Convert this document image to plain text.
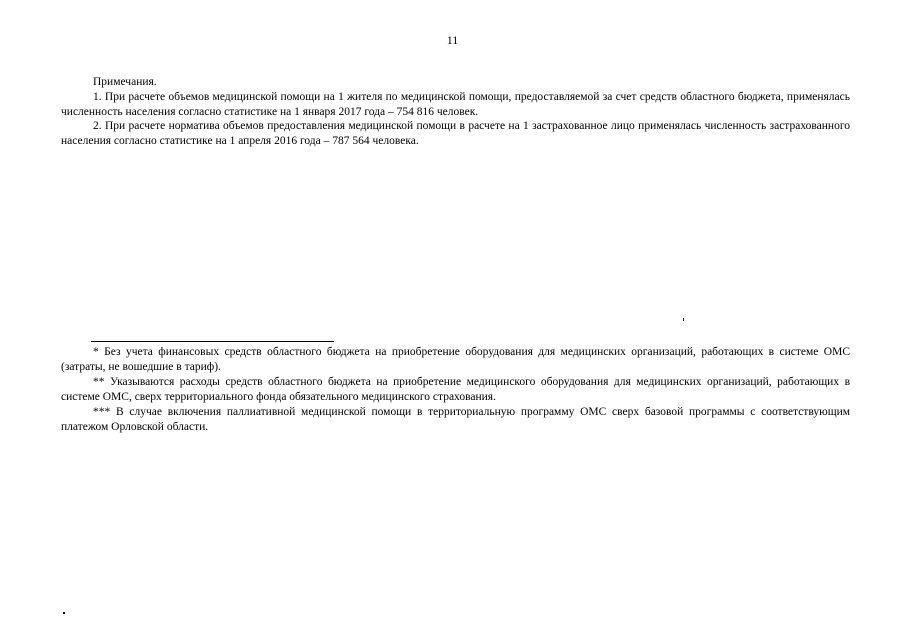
11

Примечания.

1. При расчете объемов медицинской помощи на 1 жителя по медицинской помощи, предоставляемой за счет средств областного бюджета, применялась численность населения согласно статистике на 1 января 2017 года – 754 816 человек.

2. При расчете норматива объемов предоставления медицинской помощи в расчете на 1 застрахованное лицо применялась численность застрахованного населения согласно статистике на 1 апреля 2016 года – 787 564 человека.

* Без учета финансовых средств областного бюджета на приобретение оборудования для медицинских организаций, работающих в системе ОМС (затраты, не вошедшие в тариф).

** Указываются расходы средств областного бюджета на приобретение медицинского оборудования для медицинских организаций, работающих в системе ОМС, сверх территориального фонда обязательного медицинского страхования.

*** В случае включения паллиативной медицинской помощи в территориальную программу ОМС сверх базовой программы с соответствующим платежом Орловской области.
